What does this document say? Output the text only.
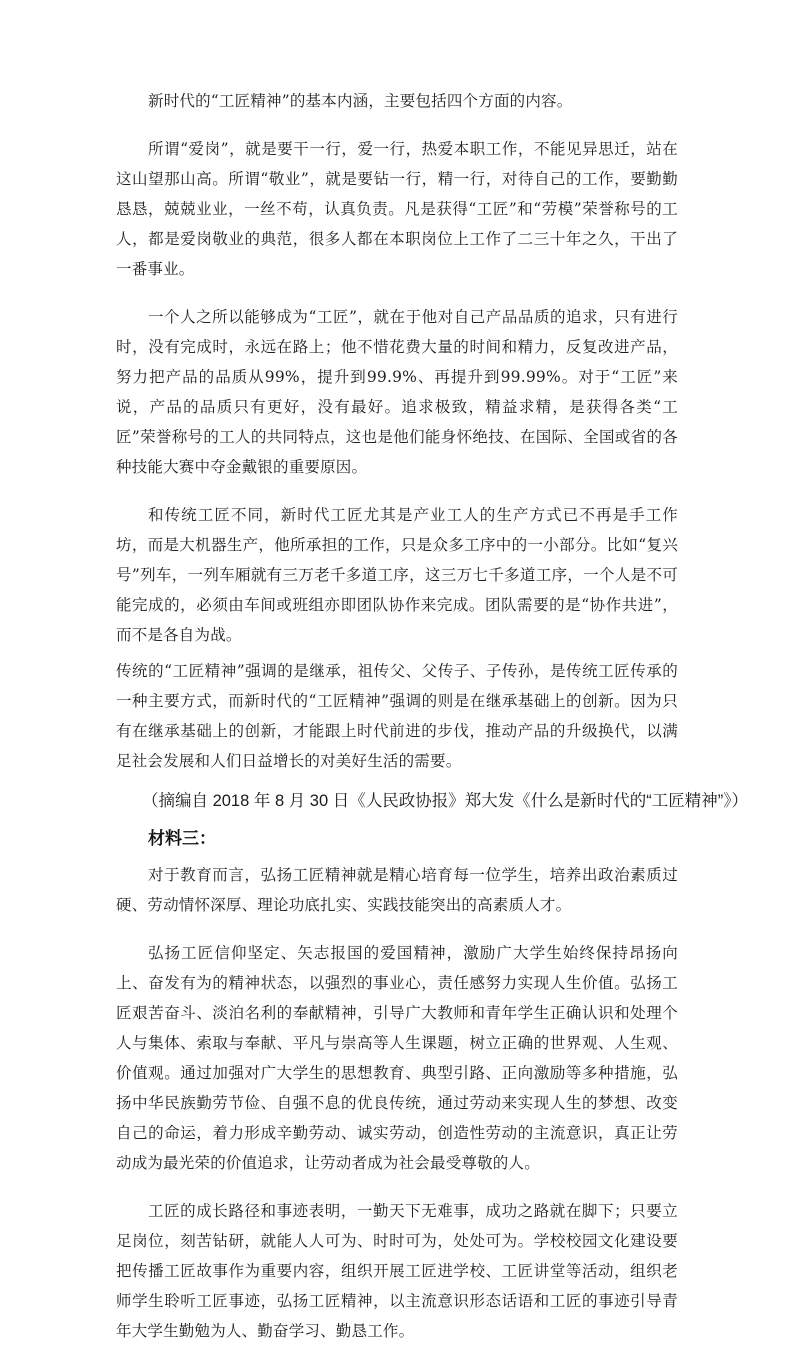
新时代的“工匠精神”的基本内涵，主要包括四个方面的内容。

所谓“爱岗”，就是要干一行，爱一行，热爱本职工作，不能见异思迁，站在这山望那山高。所谓“敬业”，就是要钻一行，精一行，对待自己的工作，要勤勤恳恳，兢兢业业，一丝不苟，认真负责。凡是获得“工匠”和“劳模”荣誉称号的工人，都是爱岗敬业的典范，很多人都在本职岗位上工作了二三十年之久，干出了一番事业。

一个人之所以能够成为“工匠”，就在于他对自己产品品质的追求，只有进行时，没有完成时，永远在路上；他不惜花费大量的时间和精力，反复改进产品，努力把产品的品质从99%，提升到99.9%、再提升到99.99%。对于“工匠”来说，产品的品质只有更好，没有最好。追求极致，精益求精，是获得各类“工匠”荣誉称号的工人的共同特点，这也是他们能身怀绝技、在国际、全国或省的各种技能大赛中夺金戴银的重要原因。

和传统工匠不同，新时代工匠尤其是产业工人的生产方式已不再是手工作坊，而是大机器生产，他所承担的工作，只是众多工序中的一小部分。比如“复兴号”列车，一列车厢就有三万老千多道工序，这三万七千多道工序，一个人是不可能完成的，必须由车间或班组亦即团队协作来完成。团队需要的是“协作共进”，而不是各自为战。

传统的“工匠精神”强调的是继承，祖传父、父传子、子传孙，是传统工匠传承的一种主要方式，而新时代的“工匠精神”强调的则是在继承基础上的创新。因为只有在继承基础上的创新，才能跟上时代前进的步伐，推动产品的升级换代，以满足社会发展和人们日益增长的对美好生活的需要。

（摘编自 2018 年 8 月 30 日《人民政协报》郑大发《什么是新时代的“工匠精神”》）

材料三：

对于教育而言，弘扬工匠精神就是精心培育每一位学生，培养出政治素质过硬、劳动情怀深厚、理论功底扎实、实践技能突出的高素质人才。

弘扬工匠信仰坚定、矢志报国的爱国精神，激励广大学生始终保持昂扬向上、奋发有为的精神状态，以强烈的事业心，责任感努力实现人生价值。弘扬工匠艰苦奋斗、淡泊名利的奉献精神，引导广大教师和青年学生正确认识和处理个人与集体、索取与奉献、平凡与崇高等人生课题，树立正确的世界观、人生观、价值观。通过加强对广大学生的思想教育、典型引路、正向激励等多种措施，弘扬中华民族勤劳节俭、自强不息的优良传统，通过劳动来实现人生的梦想、改变自己的命运，着力形成辛勤劳动、诚实劳动，创造性劳动的主流意识，真正让劳动成为最光荣的价值追求，让劳动者成为社会最受尊敬的人。

工匠的成长路径和事迹表明，一勤天下无难事，成功之路就在脚下；只要立足岗位，刻苦钻研，就能人人可为、时时可为，处处可为。学校校园文化建设要把传播工匠故事作为重要内容，组织开展工匠进学校、工匠讲堂等活动，组织老师学生聆听工匠事迹，弘扬工匠精神，以主流意识形态话语和工匠的事迹引导青年大学生勤勉为人、勤奋学习、勤恳工作。
